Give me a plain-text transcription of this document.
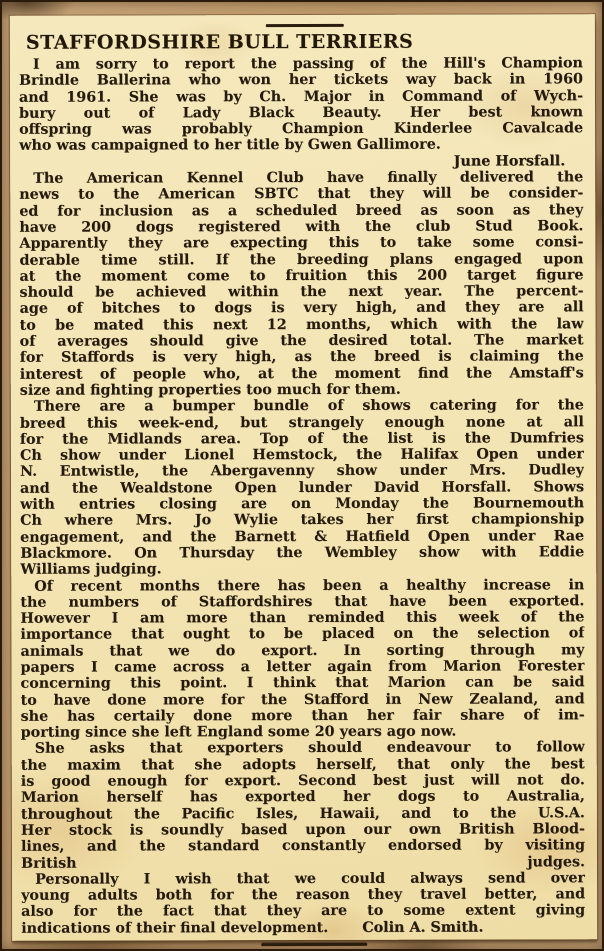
STAFFORDSHIRE BULL TERRIERS
I am sorry to report the passing of the Hill's Champion
Brindle Ballerina who won her tickets way back in 1960
and 1961. She was by Ch. Major in Command of Wych-
bury out of Lady Black Beauty. Her best known
offspring was probably Champion Kinderlee Cavalcade
who was campaigned to her title by Gwen Gallimore.
June Horsfall.
The American Kennel Club have finally delivered the
news to the American SBTC that they will be consider-
ed for inclusion as a scheduled breed as soon as they
have 200 dogs registered with the club Stud Book.
Apparently they are expecting this to take some consi-
derable time still. If the breeding plans engaged upon
at the moment come to fruition this 200 target figure
should be achieved within the next year. The percent-
age of bitches to dogs is very high, and they are all
to be mated this next 12 months, which with the law
of averages should give the desired total. The market
for Staffords is very high, as the breed is claiming the
interest of people who, at the moment find the Amstaff's
size and fighting properties too much for them.
There are a bumper bundle of shows catering for the
breed this week-end, but strangely enough none at all
for the Midlands area. Top of the list is the Dumfries
Ch show under Lionel Hemstock, the Halifax Open under
N. Entwistle, the Abergavenny show under Mrs. Dudley
and the Wealdstone Open lunder David Horsfall. Shows
with entries closing are on Monday the Bournemouth
Ch where Mrs. Jo Wylie takes her first championship
engagement, and the Barnett & Hatfield Open under Rae
Blackmore. On Thursday the Wembley show with Eddie
Williams judging.
Of recent months there has been a healthy increase in
the numbers of Staffordshires that have been exported.
However I am more than reminded this week of the
importance that ought to be placed on the selection of
animals that we do export. In sorting through my
papers I came across a letter again from Marion Forester
concerning this point. I think that Marion can be said
to have done more for the Stafford in New Zealand, and
she has certaily done more than her fair share of im-
porting since she left England some 20 years ago now.
She asks that exporters should endeavour to follow
the maxim that she adopts herself, that only the best
is good enough for export. Second best just will not do.
Marion herself has exported her dogs to Australia,
throughout the Pacific Isles, Hawaii, and to the U.S.A.
Her stock is soundly based upon our own British Blood-
lines, and the standard constantly endorsed by visiting
British judges.
Personally I wish that we could always send over
young adults both for the reason they travel better, and
also for the fact that they are to some extent giving
indications of their final development. Colin A. Smith.
